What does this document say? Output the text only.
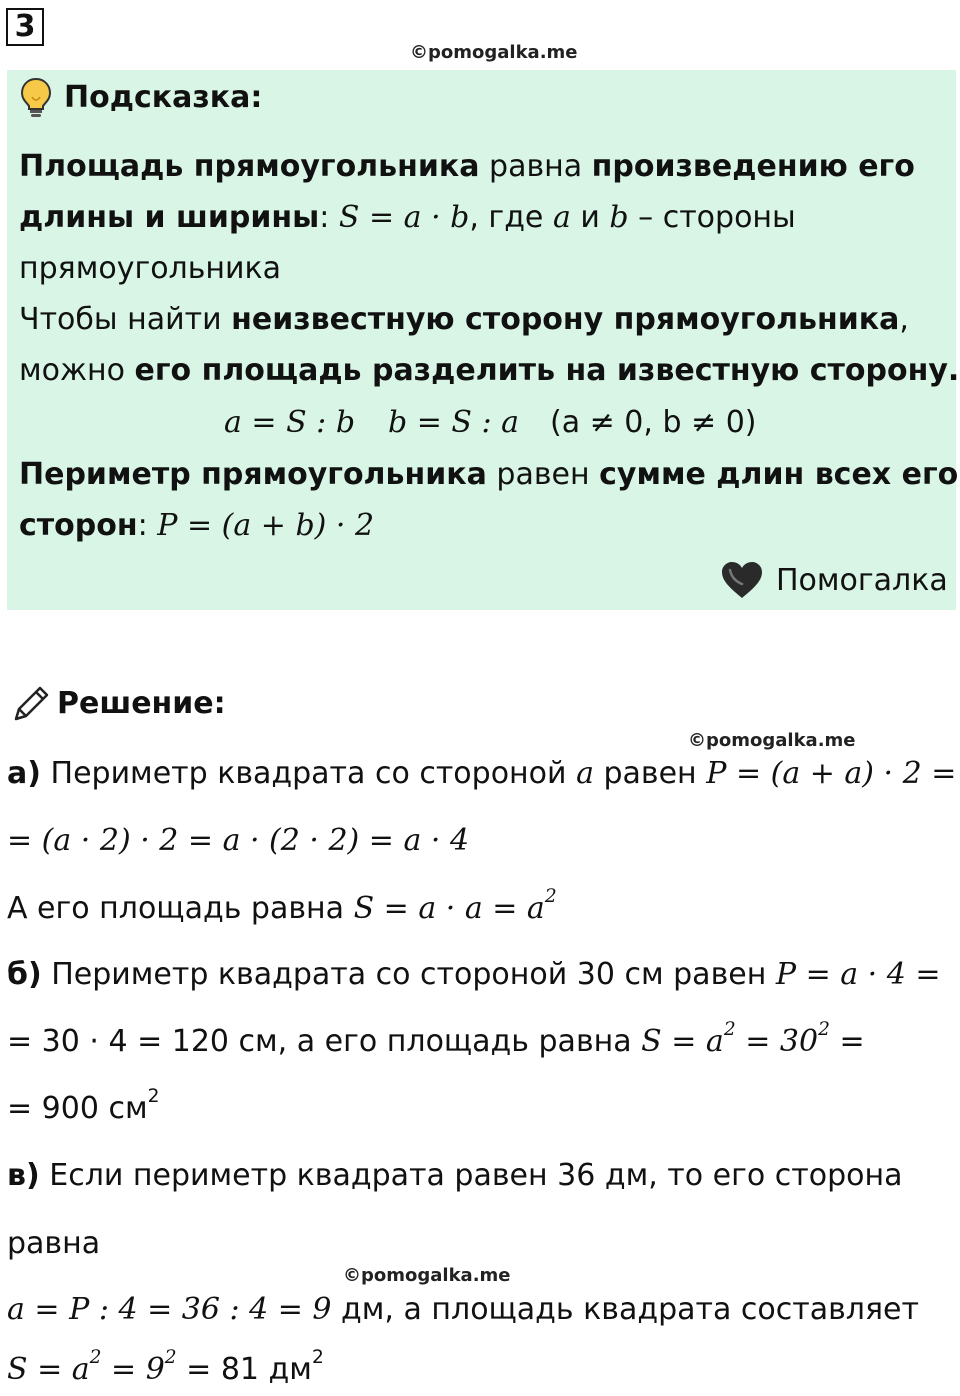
3
©pomogalka.me
Подсказка:
Площадь прямоугольника равна произведению его
длины и ширины: S = a · b, где a и b – стороны
прямоугольника
Чтобы найти неизвестную сторону прямоугольника,
можно его площадь разделить на известную сторону.
a = S : b b = S : a (a ≠ 0, b ≠ 0)
Периметр прямоугольника равен сумме длин всех его
сторон: P = (a + b) · 2
Помогалка
Решение:
©pomogalka.me
а) Периметр квадрата со стороной a равен P = (a + a) · 2 =
= (a · 2) · 2 = a · (2 · 2) = a · 4
А его площадь равна $S = a \cdot a = a^2$
б) Периметр квадрата со стороной 30 см равен P = a · 4 =
= 30 · 4 = 120 см, а его площадь равна $S = a^2 = 30^2$ =
= 900 $см^2$
в) Если периметр квадрата равен 36 дм, то его сторона
равна
©pomogalka.me
a = P : 4 = 36 : 4 = 9 дм, а площадь квадрата составляет
$S = a^2 = 9^2 = 81$ $дм^2$
